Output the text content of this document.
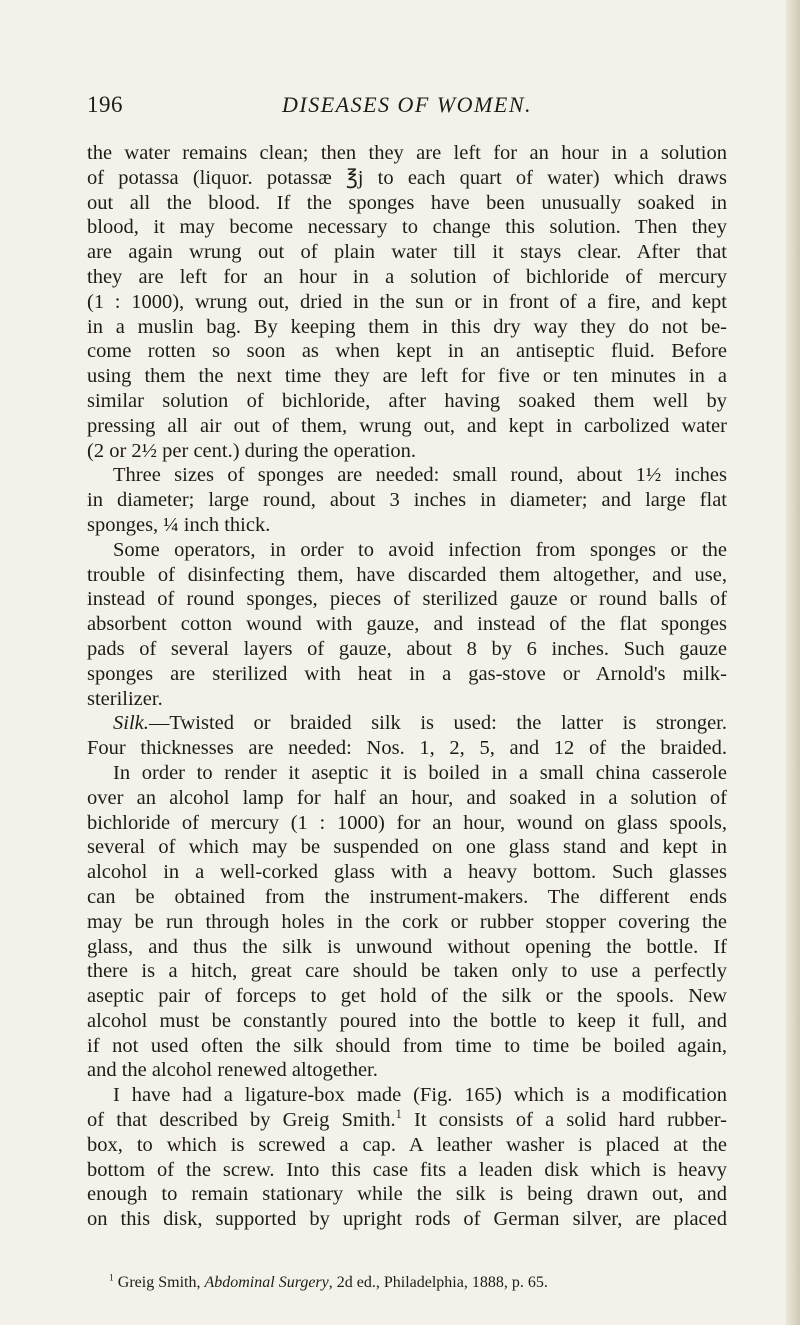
196	DISEASES OF WOMEN.
the water remains clean; then they are left for an hour in a solution
of potassa (liquor. potassæ ℥j to each quart of water) which draws
out all the blood. If the sponges have been unusually soaked in
blood, it may become necessary to change this solution. Then they
are again wrung out of plain water till it stays clear. After that
they are left for an hour in a solution of bichloride of mercury
(1 : 1000), wrung out, dried in the sun or in front of a fire, and kept
in a muslin bag. By keeping them in this dry way they do not be-
come rotten so soon as when kept in an antiseptic fluid. Before
using them the next time they are left for five or ten minutes in a
similar solution of bichloride, after having soaked them well by
pressing all air out of them, wrung out, and kept in carbolized water
(2 or 2½ per cent.) during the operation.
Three sizes of sponges are needed: small round, about 1½ inches
in diameter; large round, about 3 inches in diameter; and large flat
sponges, ¼ inch thick.
Some operators, in order to avoid infection from sponges or the
trouble of disinfecting them, have discarded them altogether, and use,
instead of round sponges, pieces of sterilized gauze or round balls of
absorbent cotton wound with gauze, and instead of the flat sponges
pads of several layers of gauze, about 8 by 6 inches. Such gauze
sponges are sterilized with heat in a gas-stove or Arnold's milk-
sterilizer.
Silk.—Twisted or braided silk is used: the latter is stronger.
Four thicknesses are needed: Nos. 1, 2, 5, and 12 of the braided.
In order to render it aseptic it is boiled in a small china casserole
over an alcohol lamp for half an hour, and soaked in a solution of
bichloride of mercury (1 : 1000) for an hour, wound on glass spools,
several of which may be suspended on one glass stand and kept in
alcohol in a well-corked glass with a heavy bottom. Such glasses
can be obtained from the instrument-makers. The different ends
may be run through holes in the cork or rubber stopper covering the
glass, and thus the silk is unwound without opening the bottle. If
there is a hitch, great care should be taken only to use a perfectly
aseptic pair of forceps to get hold of the silk or the spools. New
alcohol must be constantly poured into the bottle to keep it full, and
if not used often the silk should from time to time be boiled again,
and the alcohol renewed altogether.
I have had a ligature-box made (Fig. 165) which is a modification
of that described by Greig Smith.$^1$ It consists of a solid hard rubber-
box, to which is screwed a cap. A leather washer is placed at the
bottom of the screw. Into this case fits a leaden disk which is heavy
enough to remain stationary while the silk is being drawn out, and
on this disk, supported by upright rods of German silver, are placed
$^1$ Greig Smith, Abdominal Surgery, 2d ed., Philadelphia, 1888, p. 65.
